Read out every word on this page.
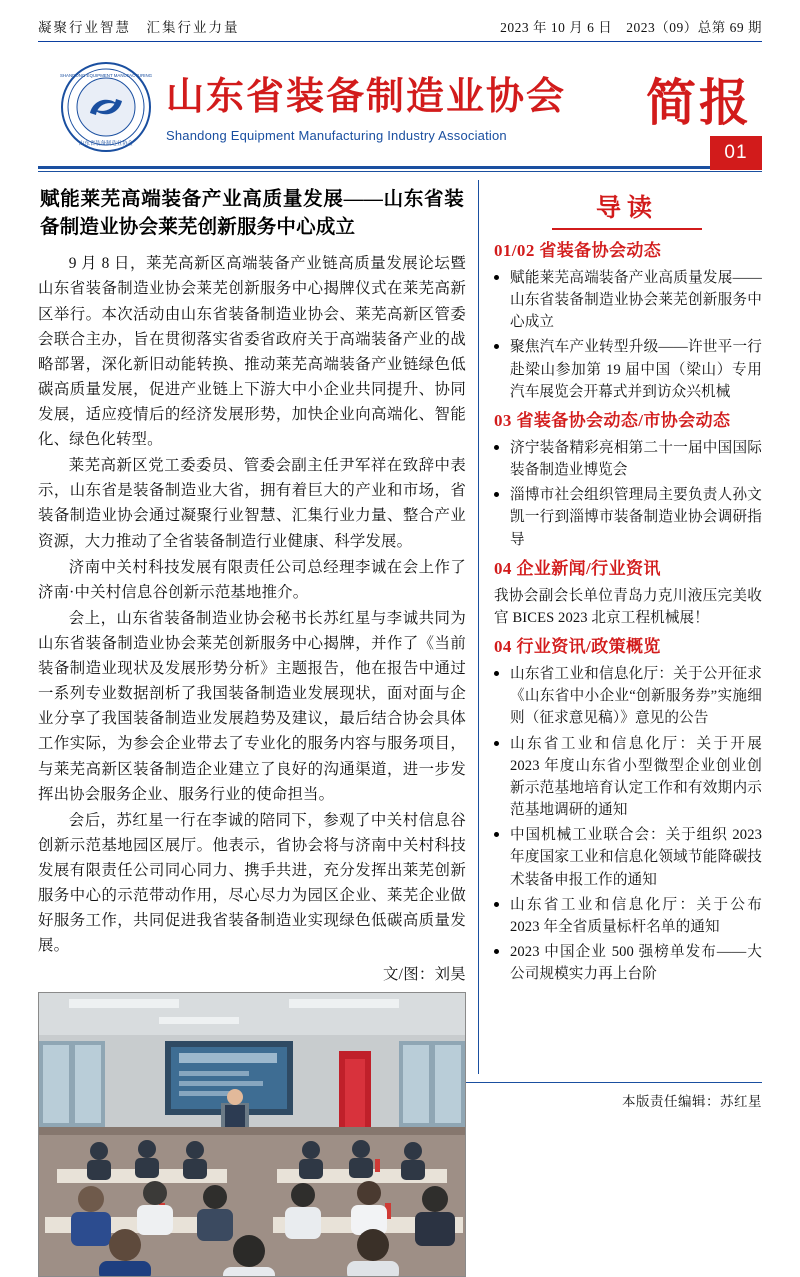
凝聚行业智慧　汇集行业力量	2023 年 10 月 6 日　2023（09）总第 69 期
SHANDONG EQUIPMENT MANUFACTURING
山东省装备制造业协会
山东省装备制造业协会
Shandong Equipment Manufacturing Industry Association
简报
01
赋能莱芜高端装备产业高质量发展——山东省装备制造业协会莱芜创新服务中心成立

9 月 8 日，莱芜高新区高端装备产业链高质量发展论坛暨山东省装备制造业协会莱芜创新服务中心揭牌仪式在莱芜高新区举行。本次活动由山东省装备制造业协会、莱芜高新区管委会联合主办，旨在贯彻落实省委省政府关于高端装备产业的战略部署，深化新旧动能转换、推动莱芜高端装备产业链绿色低碳高质量发展，促进产业链上下游大中小企业共同提升、协同发展，适应疫情后的经济发展形势，加快企业向高端化、智能化、绿色化转型。

莱芜高新区党工委委员、管委会副主任尹军祥在致辞中表示，山东省是装备制造业大省，拥有着巨大的产业和市场，省装备制造业协会通过凝聚行业智慧、汇集行业力量、整合产业资源，大力推动了全省装备制造行业健康、科学发展。

济南中关村科技发展有限责任公司总经理李诚在会上作了济南·中关村信息谷创新示范基地推介。

会上，山东省装备制造业协会秘书长苏红星与李诚共同为山东省装备制造业协会莱芜创新服务中心揭牌，并作了《当前装备制造业现状及发展形势分析》主题报告，他在报告中通过一系列专业数据剖析了我国装备制造业发展现状，面对面与企业分享了我国装备制造业发展趋势及建议，最后结合协会具体工作实际，为参会企业带去了专业化的服务内容与服务项目，与莱芜高新区装备制造企业建立了良好的沟通渠道，进一步发挥出协会服务企业、服务行业的使命担当。

会后，苏红星一行在李诚的陪同下，参观了中关村信息谷创新示范基地园区展厅。他表示，省协会将与济南中关村科技发展有限责任公司同心同力、携手共进，充分发挥出莱芜创新服务中心的示范带动作用，尽心尽力为园区企业、莱芜企业做好服务工作，共同促进我省装备制造业实现绿色低碳高质量发展。

文/图：刘昊
导读
01/02 省装备协会动态
赋能莱芜高端装备产业高质量发展——山东省装备制造业协会莱芜创新服务中心成立
聚焦汽车产业转型升级——许世平一行赴梁山参加第 19 届中国（梁山）专用汽车展览会开幕式并到访众兴机械
03 省装备协会动态/市协会动态
济宁装备精彩亮相第二十一届中国国际装备制造业博览会
淄博市社会组织管理局主要负责人孙文凯一行到淄博市装备制造业协会调研指导
04 企业新闻/行业资讯
我协会副会长单位青岛力克川液压完美收官 BICES 2023 北京工程机械展！
04 行业资讯/政策概览
山东省工业和信息化厅：关于公开征求《山东省中小企业“创新服务券”实施细则（征求意见稿）》意见的公告
山东省工业和信息化厅：关于开展 2023 年度山东省小型微型企业创业创新示范基地培育认定工作和有效期内示范基地调研的通知
中国机械工业联合会：关于组织 2023 年度国家工业和信息化领域节能降碳技术装备申报工作的通知
山东省工业和信息化厅：关于公布 2023 年全省质量标杆名单的通知
2023 中国企业 500 强榜单发布——大公司规模实力再上台阶
本版责任编辑：苏红星
